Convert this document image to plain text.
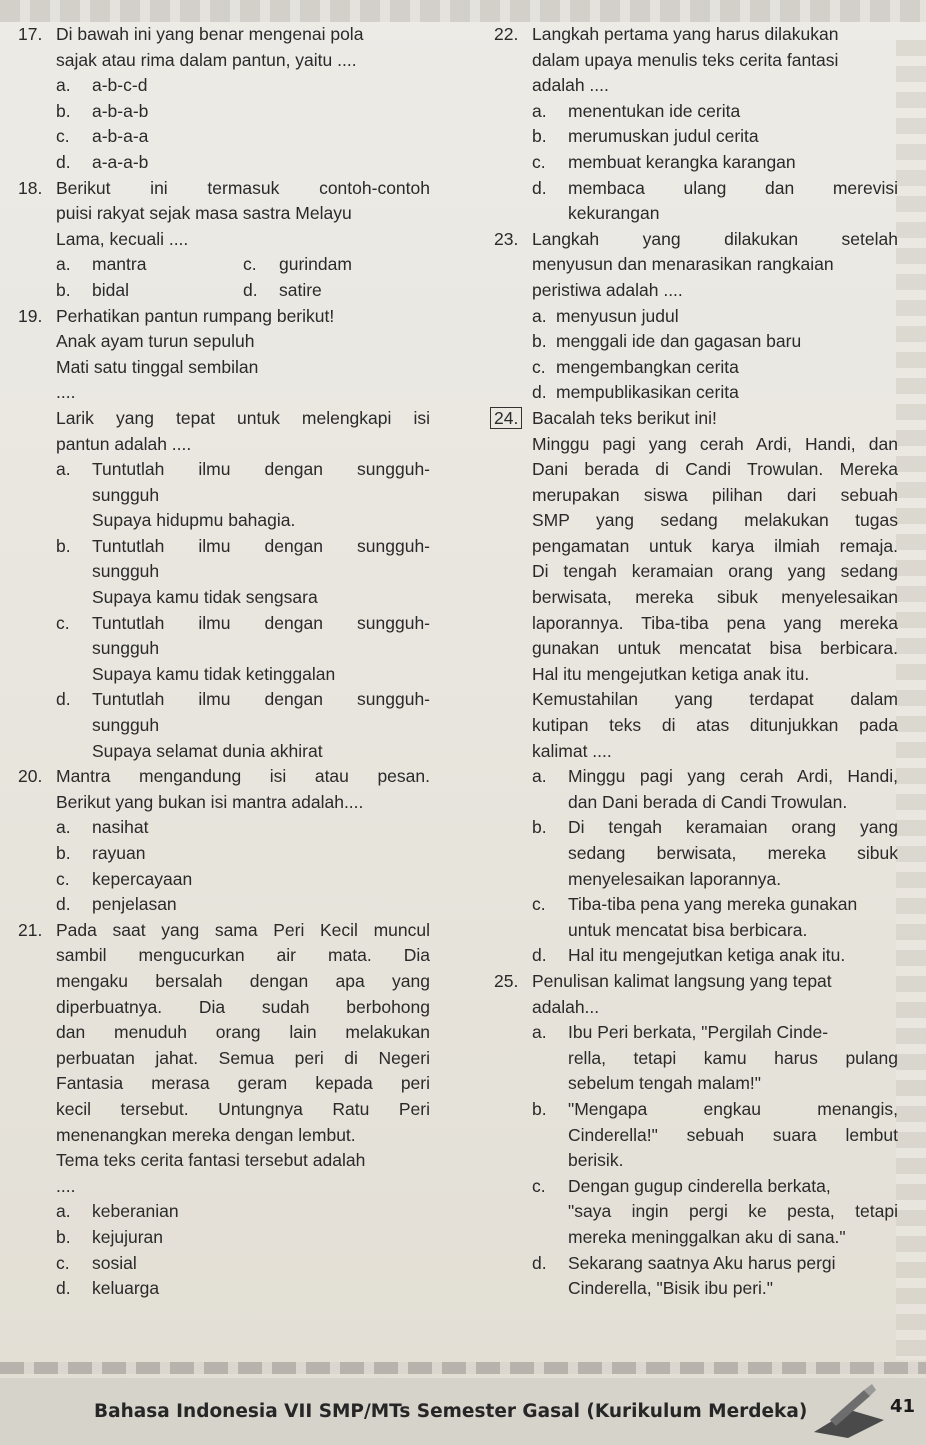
17. Di bawah ini yang benar mengenai pola
sajak atau rima dalam pantun, yaitu ....
a. a-b-c-d
b. a-b-a-b
c. a-b-a-a
d. a-a-a-b
18. Berikut ini termasuk contoh-contoh
puisi rakyat sejak masa sastra Melayu
Lama, kecuali ....
a. mantra	c. gurindam
b. bidal	d. satire
19. Perhatikan pantun rumpang berikut!
Anak ayam turun sepuluh
Mati satu tinggal sembilan
....
Larik yang tepat untuk melengkapi isi
pantun adalah ....
a. Tuntutlah ilmu dengan sungguh-
sungguh
Supaya hidupmu bahagia.
b. Tuntutlah ilmu dengan sungguh-
sungguh
Supaya kamu tidak sengsara
c. Tuntutlah ilmu dengan sungguh-
sungguh
Supaya kamu tidak ketinggalan
d. Tuntutlah ilmu dengan sungguh-
sungguh
Supaya selamat dunia akhirat
20. Mantra mengandung isi atau pesan.
Berikut yang bukan isi mantra adalah....
a. nasihat
b. rayuan
c. kepercayaan
d. penjelasan
21. Pada saat yang sama Peri Kecil muncul
sambil mengucurkan air mata. Dia
mengaku bersalah dengan apa yang
diperbuatnya. Dia sudah berbohong
dan menuduh orang lain melakukan
perbuatan jahat. Semua peri di Negeri
Fantasia merasa geram kepada peri
kecil tersebut. Untungnya Ratu Peri
menenangkan mereka dengan lembut.
Tema teks cerita fantasi tersebut adalah
....
a. keberanian
b. kejujuran
c. sosial
d. keluarga
22. Langkah pertama yang harus dilakukan
dalam upaya menulis teks cerita fantasi
adalah ....
a. menentukan ide cerita
b. merumuskan judul cerita
c. membuat kerangka karangan
d. membaca ulang dan merevisi
kekurangan
23. Langkah yang dilakukan setelah
menyusun dan menarasikan rangkaian
peristiwa adalah ....
a. menyusun judul
b. menggali ide dan gagasan baru
c. mengembangkan cerita
d. mempublikasikan cerita
24. Bacalah teks berikut ini!
Minggu pagi yang cerah Ardi, Handi, dan
Dani berada di Candi Trowulan. Mereka
merupakan siswa pilihan dari sebuah
SMP yang sedang melakukan tugas
pengamatan untuk karya ilmiah remaja.
Di tengah keramaian orang yang sedang
berwisata, mereka sibuk menyelesaikan
laporannya. Tiba-tiba pena yang mereka
gunakan untuk mencatat bisa berbicara.
Hal itu mengejutkan ketiga anak itu.
Kemustahilan yang terdapat dalam
kutipan teks di atas ditunjukkan pada
kalimat ....
a. Minggu pagi yang cerah Ardi, Handi,
dan Dani berada di Candi Trowulan.
b. Di tengah keramaian orang yang
sedang berwisata, mereka sibuk
menyelesaikan laporannya.
c. Tiba-tiba pena yang mereka gunakan
untuk mencatat bisa berbicara.
d. Hal itu mengejutkan ketiga anak itu.
25. Penulisan kalimat langsung yang tepat
adalah...
a. Ibu Peri berkata, "Pergilah Cinde-
rella, tetapi kamu harus pulang
sebelum tengah malam!"
b. "Mengapa engkau menangis,
Cinderella!" sebuah suara lembut
berisik.
c. Dengan gugup cinderella berkata,
"saya ingin pergi ke pesta, tetapi
mereka meninggalkan aku di sana."
d. Sekarang saatnya Aku harus pergi
Cinderella, "Bisik ibu peri."
Bahasa Indonesia VII SMP/MTs Semester Gasal (Kurikulum Merdeka)	41
